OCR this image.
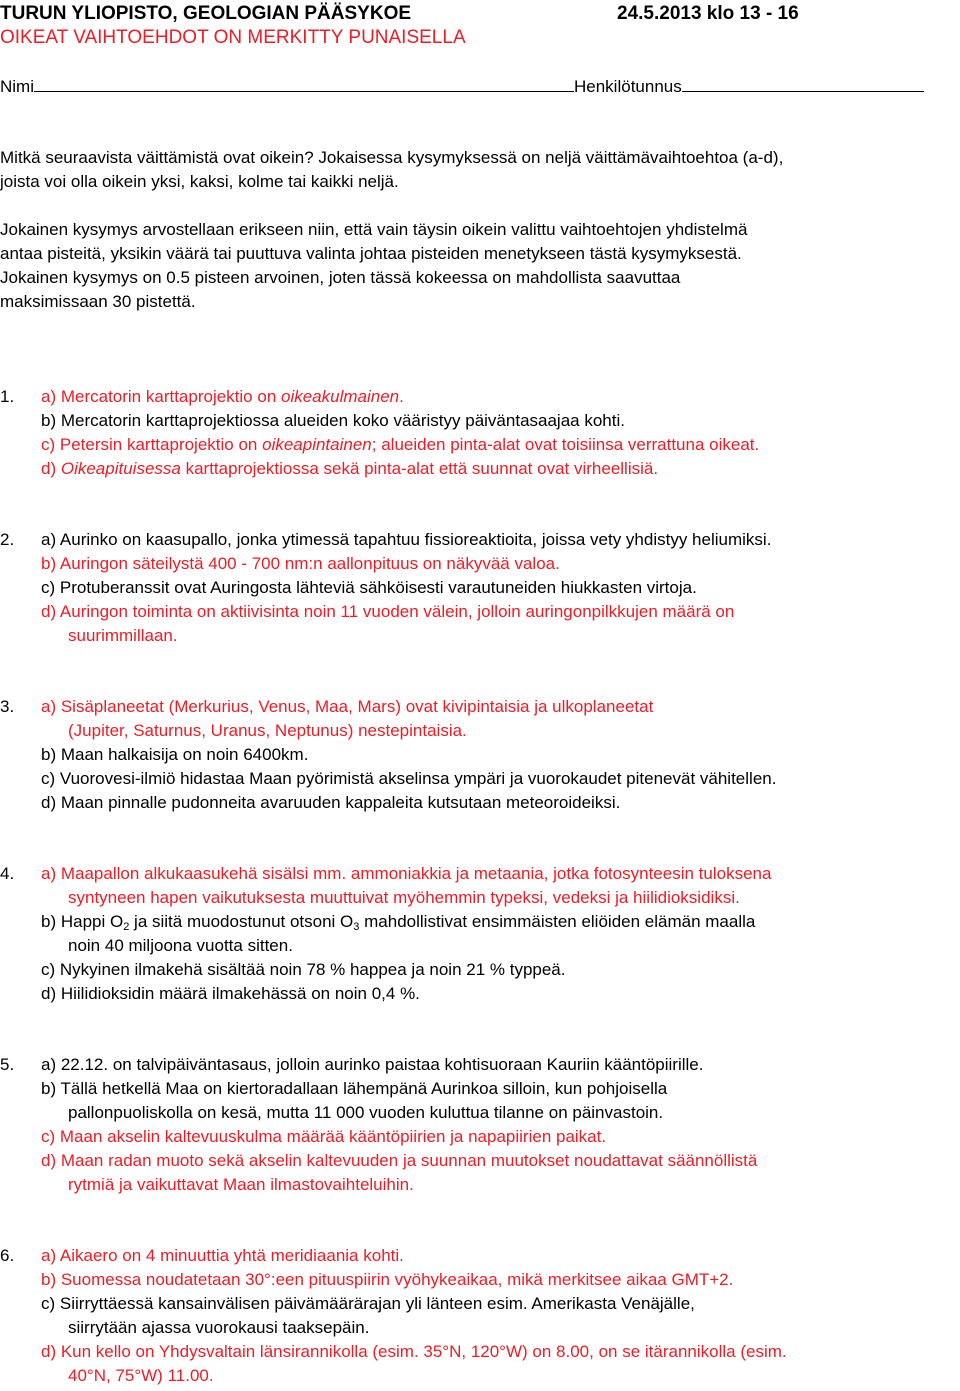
TURUN YLIOPISTO, GEOLOGIAN PÄÄSYKOE	24.5.2013 klo 13 - 16
OIKEAT VAIHTOEHDOT ON MERKITTY PUNAISELLA
Nimi	Henkilötunnus
Mitkä seuraavista väittämistä ovat oikein? Jokaisessa kysymyksessä on neljä väittämävaihtoehtoa (a-d),
joista voi olla oikein yksi, kaksi, kolme tai kaikki neljä.
Jokainen kysymys arvostellaan erikseen niin, että vain täysin oikein valittu vaihtoehtojen yhdistelmä
antaa pisteitä, yksikin väärä tai puuttuva valinta johtaa pisteiden menetykseen tästä kysymyksestä.
Jokainen kysymys on 0.5 pisteen arvoinen, joten tässä kokeessa on mahdollista saavuttaa
maksimissaan 30 pistettä.
1. a) Mercatorin karttaprojektio on oikeakulmainen.
b) Mercatorin karttaprojektiossa alueiden koko vääristyy päiväntasaajaa kohti.
c) Petersin karttaprojektio on oikeapintainen; alueiden pinta-alat ovat toisiinsa verrattuna oikeat.
d) Oikeapituisessa karttaprojektiossa sekä pinta-alat että suunnat ovat virheellisiä.
2. a) Aurinko on kaasupallo, jonka ytimessä tapahtuu fissioreaktioita, joissa vety yhdistyy heliumiksi.
b) Auringon säteilystä 400 - 700 nm:n aallonpituus on näkyvää valoa.
c) Protuberanssit ovat Auringosta lähteviä sähköisesti varautuneiden hiukkasten virtoja.
d) Auringon toiminta on aktiivisinta noin 11 vuoden välein, jolloin auringonpilkkujen määrä on
suurimmillaan.
3. a) Sisäplaneetat (Merkurius, Venus, Maa, Mars) ovat kivipintaisia ja ulkoplaneetat
(Jupiter, Saturnus, Uranus, Neptunus) nestepintaisia.
b) Maan halkaisija on noin 6400km.
c) Vuorovesi-ilmiö hidastaa Maan pyörimistä akselinsa ympäri ja vuorokaudet pitenevät vähitellen.
d) Maan pinnalle pudonneita avaruuden kappaleita kutsutaan meteoroideiksi.
4. a) Maapallon alkukaasukehä sisälsi mm. ammoniakkia ja metaania, jotka fotosynteesin tuloksena
syntyneen hapen vaikutuksesta muuttuivat myöhemmin typeksi, vedeksi ja hiilidioksidiksi.
b) Happi $O_2$ ja siitä muodostunut otsoni $O_3$ mahdollistivat ensimmäisten eliöiden elämän maalla
noin 40 miljoona vuotta sitten.
c) Nykyinen ilmakehä sisältää noin 78 % happea ja noin 21 % typpeä.
d) Hiilidioksidin määrä ilmakehässä on noin 0,4 %.
5. a) 22.12. on talvipäiväntasaus, jolloin aurinko paistaa kohtisuoraan Kauriin kääntöpiirille.
b) Tällä hetkellä Maa on kiertoradallaan lähempänä Aurinkoa silloin, kun pohjoisella
pallonpuoliskolla on kesä, mutta 11 000 vuoden kuluttua tilanne on päinvastoin.
c) Maan akselin kaltevuuskulma määrää kääntöpiirien ja napapiirien paikat.
d) Maan radan muoto sekä akselin kaltevuuden ja suunnan muutokset noudattavat säännöllistä
rytmiä ja vaikuttavat Maan ilmastovaihteluihin.
6. a) Aikaero on 4 minuuttia yhtä meridiaania kohti.
b) Suomessa noudatetaan 30°:een pituuspiirin vyöhykeaikaa, mikä merkitsee aikaa GMT+2.
c) Siirryttäessä kansainvälisen päivämäärärajan yli länteen esim. Amerikasta Venäjälle,
siirrytään ajassa vuorokausi taaksepäin.
d) Kun kello on Yhdysvaltain länsirannikolla (esim. 35°N, 120°W) on 8.00, on se itärannikolla (esim.
40°N, 75°W) 11.00.
